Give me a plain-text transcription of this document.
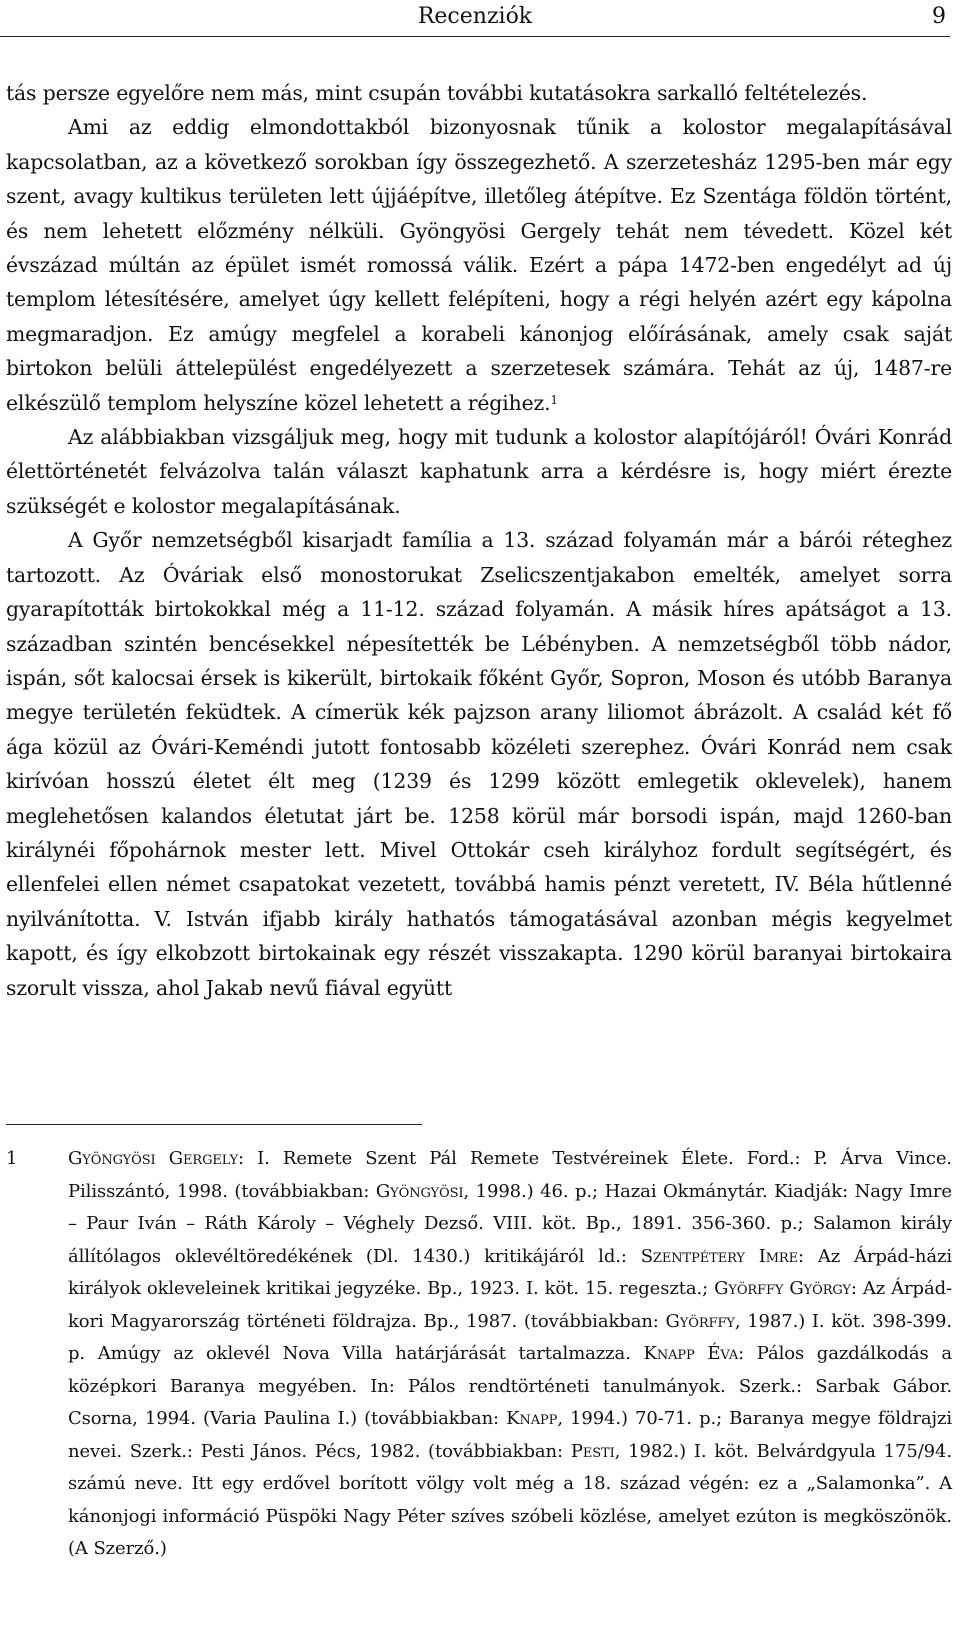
Recenziók	9

tás persze egyelőre nem más, mint csupán további kutatásokra sarkalló feltételezés.

Ami az eddig elmondottakból bizonyosnak tűnik a kolostor megalapításával kapcsolatban, az a következő sorokban így összegezhető. A szerzetesház 1295-ben már egy szent, avagy kultikus területen lett újjáépítve, illetőleg átépítve. Ez Szentága földön történt, és nem lehetett előzmény nélküli. Gyöngyösi Gergely tehát nem tévedett. Közel két évszázad múltán az épület ismét romossá válik. Ezért a pápa 1472-ben engedélyt ad új templom létesítésére, amelyet úgy kellett felépíteni, hogy a régi helyén azért egy kápolna megmaradjon. Ez amúgy megfelel a korabeli kánonjog előírásának, amely csak saját birtokon belüli áttelepülést engedélyezett a szerzetesek számára. Tehát az új, 1487-re elkészülő templom helyszíne közel lehetett a régihez.$^1$

Az alábbiakban vizsgáljuk meg, hogy mit tudunk a kolostor alapítójáról! Óvári Konrád élettörténetét felvázolva talán választ kaphatunk arra a kérdésre is, hogy miért érezte szükségét e kolostor megalapításának.

A Győr nemzetségből kisarjadt família a 13. század folyamán már a bárói réteghez tartozott. Az Óváriak első monostorukat Zselicszentjakabon emelték, amelyet sorra gyarapították birtokokkal még a 11-12. század folyamán. A másik híres apátságot a 13. században szintén bencésekkel népesítették be Lébényben. A nemzetségből több nádor, ispán, sőt kalocsai érsek is kikerült, birtokaik főként Győr, Sopron, Moson és utóbb Baranya megye területén feküdtek. A címerük kék pajzson arany liliomot ábrázolt. A család két fő ága közül az Óvári-Keméndi jutott fontosabb közéleti szerephez. Óvári Konrád nem csak kirívóan hosszú életet élt meg (1239 és 1299 között emlegetik oklevelek), hanem meglehetősen kalandos életutat járt be. 1258 körül már borsodi ispán, majd 1260-ban királynéi főpohárnok mester lett. Mivel Ottokár cseh királyhoz fordult segítségért, és ellenfelei ellen német csapatokat vezetett, továbbá hamis pénzt veretett, IV. Béla hűtlenné nyilvánította. V. István ifjabb király hathatós támogatásával azonban mégis kegyelmet kapott, és így elkobzott birtokainak egy részét visszakapta. 1290 körül baranyai birtokaira szorult vissza, ahol Jakab nevű fiával együtt

1	Gyöngyösi Gergely: I. Remete Szent Pál Remete Testvéreinek Élete. Ford.: P. Árva Vince. Pilisszántó, 1998. (továbbiakban: Gyöngyösi, 1998.) 46. p.; Hazai Okmánytár. Kiadják: Nagy Imre – Paur Iván – Ráth Károly – Véghely Dezső. VIII. köt. Bp., 1891. 356-360. p.; Salamon király állítólagos oklevéltöredékének (Dl. 1430.) kritikájáról ld.: Szentpétery Imre: Az Árpád-házi királyok okleveleinek kritikai jegyzéke. Bp., 1923. I. köt. 15. regeszta.; Györffy György: Az Árpád-kori Magyarország történeti földrajza. Bp., 1987. (továbbiakban: Györffy, 1987.) I. köt. 398-399. p. Amúgy az oklevél Nova Villa határjárását tartalmazza. Knapp Éva: Pálos gazdálkodás a középkori Baranya megyében. In: Pálos rendtörténeti tanulmányok. Szerk.: Sarbak Gábor. Csorna, 1994. (Varia Paulina I.) (továbbiakban: Knapp, 1994.) 70-71. p.; Baranya megye földrajzi nevei. Szerk.: Pesti János. Pécs, 1982. (továbbiakban: Pesti, 1982.) I. köt. Belvárdgyula 175/94. számú neve. Itt egy erdővel borított völgy volt még a 18. század végén: ez a „Salamonka”. A kánonjogi információ Püspöki Nagy Péter szíves szóbeli közlése, amelyet ezúton is megköszönök. (A Szerző.)
